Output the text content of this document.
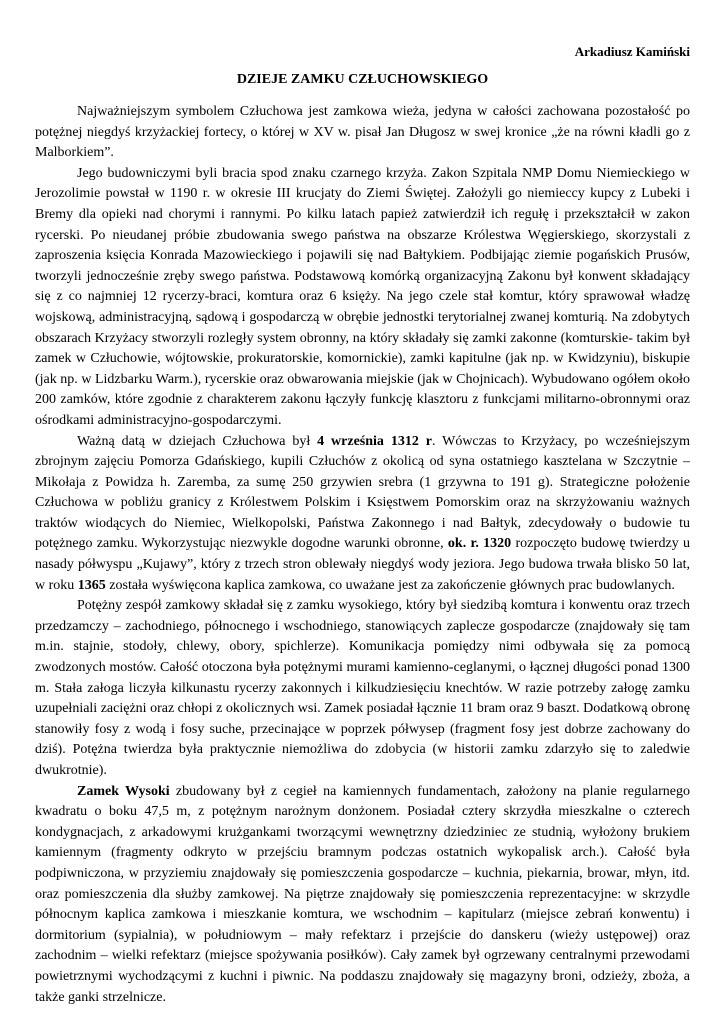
Arkadiusz Kamiński
DZIEJE ZAMKU CZŁUCHOWSKIEGO

Najważniejszym symbolem Człuchowa jest zamkowa wieża, jedyna w całości zachowana pozostałość po potężnej niegdyś krzyżackiej fortecy, o której w XV w. pisał Jan Długosz w swej kronice „że na równi kładli go z Malborkiem”.

Jego budowniczymi byli bracia spod znaku czarnego krzyża. Zakon Szpitala NMP Domu Niemieckiego w Jerozolimie powstał w 1190 r. w okresie III krucjaty do Ziemi Świętej. Założyli go niemieccy kupcy z Lubeki i Bremy dla opieki nad chorymi i rannymi. Po kilku latach papież zatwierdził ich regułę i przekształcił w zakon rycerski. Po nieudanej próbie zbudowania swego państwa na obszarze Królestwa Węgierskiego, skorzystali z zaproszenia księcia Konrada Mazowieckiego i pojawili się nad Bałtykiem. Podbijając ziemie pogańskich Prusów, tworzyli jednocześnie zręby swego państwa. Podstawową komórką organizacyjną Zakonu był konwent składający się z co najmniej 12 rycerzy-braci, komtura oraz 6 księży. Na jego czele stał komtur, który sprawował władzę wojskową, administracyjną, sądową i gospodarczą w obrębie jednostki terytorialnej zwanej komturią. Na zdobytych obszarach Krzyżacy stworzyli rozległy system obronny, na który składały się zamki zakonne (komturskie- takim był zamek w Człuchowie, wójtowskie, prokuratorskie, komornickie), zamki kapitulne (jak np. w Kwidzyniu), biskupie (jak np. w Lidzbarku Warm.), rycerskie oraz obwarowania miejskie (jak w Chojnicach). Wybudowano ogółem około 200 zamków, które zgodnie z charakterem zakonu łączyły funkcję klasztoru z funkcjami militarno-obronnymi oraz ośrodkami administracyjno-gospodarczymi.

Ważną datą w dziejach Człuchowa był 4 września 1312 r. Wówczas to Krzyżacy, po wcześniejszym zbrojnym zajęciu Pomorza Gdańskiego, kupili Człuchów z okolicą od syna ostatniego kasztelana w Szczytnie – Mikołaja z Powidza h. Zaremba, za sumę 250 grzywien srebra (1 grzywna to 191 g). Strategiczne położenie Człuchowa w pobliżu granicy z Królestwem Polskim i Księstwem Pomorskim oraz na skrzyżowaniu ważnych traktów wiodących do Niemiec, Wielkopolski, Państwa Zakonnego i nad Bałtyk, zdecydowały o budowie tu potężnego zamku. Wykorzystując niezwykle dogodne warunki obronne, ok. r. 1320 rozpoczęto budowę twierdzy u nasady półwyspu „Kujawy”, który z trzech stron oblewały niegdyś wody jeziora. Jego budowa trwała blisko 50 lat, w roku 1365 została wyświęcona kaplica zamkowa, co uważane jest za zakończenie głównych prac budowlanych.

Potężny zespół zamkowy składał się z zamku wysokiego, który był siedzibą komtura i konwentu oraz trzech przedzamczy – zachodniego, północnego i wschodniego, stanowiących zaplecze gospodarcze (znajdowały się tam m.in. stajnie, stodoły, chlewy, obory, spichlerze). Komunikacja pomiędzy nimi odbywała się za pomocą zwodzonych mostów. Całość otoczona była potężnymi murami kamienno-ceglanymi, o łącznej długości ponad 1300 m. Stała załoga liczyła kilkunastu rycerzy zakonnych i kilkudziesięciu knechtów. W razie potrzeby załogę zamku uzupełniali zaciężni oraz chłopi z okolicznych wsi. Zamek posiadał łącznie 11 bram oraz 9 baszt. Dodatkową obronę stanowiły fosy z wodą i fosy suche, przecinające w poprzek półwysep (fragment fosy jest dobrze zachowany do dziś). Potężna twierdza była praktycznie niemożliwa do zdobycia (w historii zamku zdarzyło się to zaledwie dwukrotnie).

Zamek Wysoki zbudowany był z cegieł na kamiennych fundamentach, założony na planie regularnego kwadratu o boku 47,5 m, z potężnym narożnym donżonem. Posiadał cztery skrzydła mieszkalne o czterech kondygnacjach, z arkadowymi krużgankami tworzącymi wewnętrzny dziedziniec ze studnią, wyłożony brukiem kamiennym (fragmenty odkryto w przejściu bramnym podczas ostatnich wykopalisk arch.). Całość była podpiwniczona, w przyziemiu znajdowały się pomieszczenia gospodarcze – kuchnia, piekarnia, browar, młyn, itd. oraz pomieszczenia dla służby zamkowej. Na piętrze znajdowały się pomieszczenia reprezentacyjne: w skrzydle północnym kaplica zamkowa i mieszkanie komtura, we wschodnim – kapitularz (miejsce zebrań konwentu) i dormitorium (sypialnia), w południowym – mały refektarz i przejście do danskeru (wieży ustępowej) oraz zachodnim – wielki refektarz (miejsce spożywania posiłków). Cały zamek był ogrzewany centralnymi przewodami powietrznymi wychodzącymi z kuchni i piwnic. Na poddaszu znajdowały się magazyny broni, odzieży, zboża, a także ganki strzelnicze.
